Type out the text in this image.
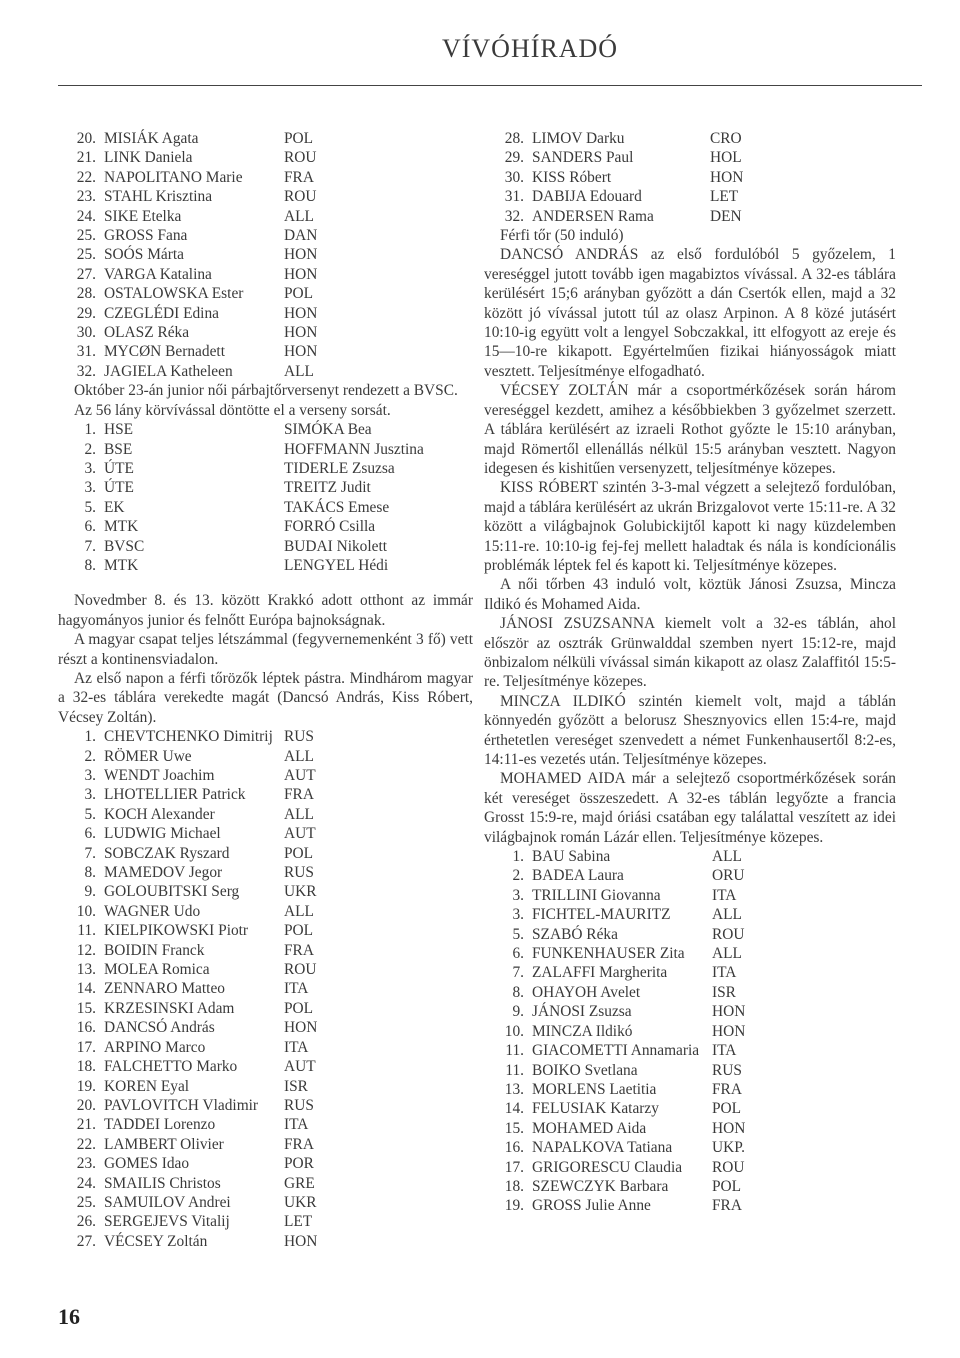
VÍVÓHÍRADÓ
20. MISIÁK Agata	POL
21. LINK Daniela	ROU
22. NAPOLITANO Marie	FRA
23. STAHL Krisztina	ROU
24. SIKE Etelka	ALL
25. GROSS Fana	DAN
25. SOÓS Márta	HON
27. VARGA Katalina	HON
28. OSTALOWSKA Ester	POL
29. CZEGLÉDI Edina	HON
30. OLASZ Réka	HON
31. MYCØN Bernadett	HON
32. JAGIELA Katheleen	ALL

Október 23-án junior női párbajtőrversenyt rendezett a BVSC.

Az 56 lány körvívással döntötte el a verseny sorsát.

1. HSE	SIMÓKA Bea
2. BSE	HOFFMANN Jusztina
3. ÚTE	TIDERLE Zsuzsa
3. ÚTE	TREITZ Judit
5. EK	TAKÁCS Emese
6. MTK	FORRÓ Csilla
7. BVSC	BUDAI Nikolett
8. MTK	LENGYEL Hédi

Novedmber 8. és 13. között Krakkó adott otthont az immár hagyományos junior és felnőtt Európa bajnokságnak.

A magyar csapat teljes létszámmal (fegyvernemenként 3 fő) vett részt a kontinensviadalon.

Az első napon a férfi tőrözők léptek pástra. Mindhárom magyar a 32-es táblára verekedte magát (Dancsó András, Kiss Róbert, Vécsey Zoltán).

1. CHEVTCHENKO Dimitrij RUS
2. RÖMER Uwe	ALL
3. WENDT Joachim	AUT
3. LHOTELLIER Patrick	FRA
5. KOCH Alexander	ALL
6. LUDWIG Michael	AUT
7. SOBCZAK Ryszard	POL
8. MAMEDOV Jegor	RUS
9. GOLOUBITSKI Serg	UKR
10. WAGNER Udo	ALL
11. KIELPIKOWSKI Piotr	POL
12. BOIDIN Franck	FRA
13. MOLEA Romica	ROU
14. ZENNARO Matteo	ITA
15. KRZESINSKI Adam	POL
16. DANCSÓ András	HON
17. ARPINO Marco	ITA
18. FALCHETTO Marko	AUT
19. KOREN Eyal	ISR
20. PAVLOVITCH Vladimir	RUS
21. TADDEI Lorenzo	ITA
22. LAMBERT Olivier	FRA
23. GOMES Idao	POR
24. SMAILIS Christos	GRE
25. SAMUILOV Andrei	UKR
26. SERGEJEVS Vitalij	LET
27. VÉCSEY Zoltán	HON
28. LIMOV Darku	CRO
29. SANDERS Paul	HOL
30. KISS Róbert	HON
31. DABIJA Edouard	LET
32. ANDERSEN Rama	DEN

Férfi tőr (50 induló)

DANCSÓ ANDRÁS az első fordulóból 5 győzelem, 1 vereséggel jutott tovább igen magabiztos vívással. A 32-es táblára kerülésért 15;6 arányban győzött a dán Csertók ellen, majd a 32 között jó vívással jutott túl az olasz Arpinon. A 8 közé jutásért 10:10-ig együtt volt a lengyel Sobczakkal, itt elfogyott az ereje és 15—10-re kikapott. Egyértelműen fizikai hiányosságok miatt vesztett. Teljesítménye elfogadható.

VÉCSEY ZOLTÁN már a csoportmérkőzések során három vereséggel kezdett, amihez a későbbiekben 3 győzelmet szerzett. A táblára kerülésért az izraeli Rothot győzte le 15:10 arányban, majd Römertől ellenállás nélkül 15:5 arányban vesztett. Nagyon idegesen és kishitűen versenyzett, teljesítménye közepes.

KISS RÓBERT szintén 3-3-mal végzett a selejtező fordulóban, majd a táblára kerülésért az ukrán Brizgalovot verte 15:11-re. A 32 között a világbajnok Golubickijtől kapott ki nagy küzdelemben 15:11-re. 10:10-ig fej-fej mellett haladtak és nála is kondícionális problémák léptek fel és kapott ki. Teljesítménye közepes.

A női tőrben 43 induló volt, köztük Jánosi Zsuzsa, Mincza Ildikó és Mohamed Aida.

JÁNOSI ZSUZSANNA kiemelt volt a 32-es táblán, ahol először az osztrák Grünwalddal szemben nyert 15:12-re, majd önbizalom nélküli vívással simán kikapott az olasz Zalaffitól 15:5-re. Teljesítménye közepes.

MINCZA ILDIKÓ szintén kiemelt volt, majd a táblán könnyedén győzött a belorusz Shesznyovics ellen 15:4-re, majd érthetetlen vereséget szenvedett a német Funkenhausertől 8:2-es, 14:11-es vezetés után. Teljesítménye közepes.

MOHAMED AIDA már a selejtező csoportmérkőzések során két vereséget összeszedett. A 32-es táblán legyőzte a francia Grosst 15:9-re, majd óriási csatában egy találattal veszített az idei világbajnok román Lázár ellen. Teljesítménye közepes.

1. BAU Sabina	ALL
2. BADEA Laura	ORU
3. TRILLINI Giovanna	ITA
3. FICHTEL-MAURITZ	ALL
5. SZABÓ Réka	ROU
6. FUNKENHAUSER Zita	ALL
7. ZALAFFI Margherita	ITA
8. OHAYOH Avelet	ISR
9. JÁNOSI Zsuzsa	HON
10. MINCZA Ildikó	HON
11. GIACOMETTI Annamaria ITA
11. BOIKO Svetlana	RUS
13. MORLENS Laetitia	FRA
14. FELUSIAK Katarzy	POL
15. MOHAMED Aida	HON
16. NAPALKOVA Tatiana	UKP.
17. GRIGORESCU Claudia	ROU
18. SZEWCZYK Barbara	POL
19. GROSS Julie Anne	FRA
16
